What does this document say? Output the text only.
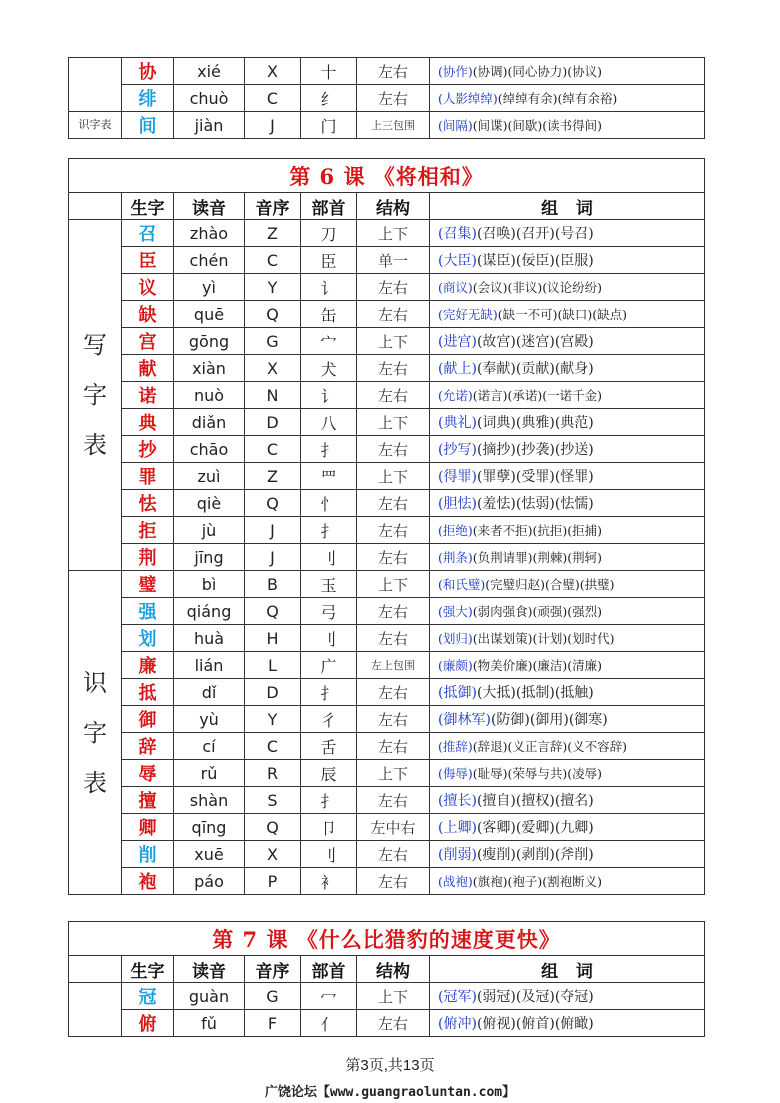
	协	xié	X	十	左右	(协作)(协调)(同心协力)(协议)
	绯	chuò	C	纟	左右	(人影绰绰)(绰绰有余)(绰有余裕)
识字表	间	jiàn	J	门	上三包围	(间隔)(间谍)(间歇)(读书得间)
第 6 课 《将相和》						
	生字	读音	音序	部首	结构	组   词

写
字
表	召	zhào	Z	刀	上下	(召集)(召唤)(召开)(号召)
	臣	chén	C	臣	单一	(大臣)(谋臣)(佞臣)(臣服)
	议	yì	Y	讠	左右	(商议)(会议)(非议)(议论纷纷)
	缺	quē	Q	缶	左右	(完好无缺)(缺一不可)(缺口)(缺点)
	宫	gōng	G	宀	上下	(进宫)(故宫)(迷宫)(宫殿)
	献	xiàn	X	犬	左右	(献上)(奉献)(贡献)(献身)
	诺	nuò	N	讠	左右	(允诺)(诺言)(承诺)(一诺千金)
	典	diǎn	D	八	上下	(典礼)(词典)(典雅)(典范)
	抄	chāo	C	扌	左右	(抄写)(摘抄)(抄袭)(抄送)
	罪	zuì	Z	罒	上下	(得罪)(罪孽)(受罪)(怪罪)
	怯	qiè	Q	忄	左右	(胆怯)(羞怯)(怯弱)(怯懦)
	拒	jù	J	扌	左右	(拒绝)(来者不拒)(抗拒)(拒捕)
	荆	jīng	J	刂	左右	(荆条)(负荆请罪)(荆棘)(荆轲)

识
字
表	璧	bì	B	玉	上下	(和氏璧)(完璧归赵)(合璧)(拱璧)
	强	qiáng	Q	弓	左右	(强大)(弱肉强食)(顽强)(强烈)
	划	huà	H	刂	左右	(划归)(出谋划策)(计划)(划时代)
	廉	lián	L	广	左上包围	(廉颇)(物美价廉)(廉洁)(清廉)
	抵	dǐ	D	扌	左右	(抵御)(大抵)(抵制)(抵触)
	御	yù	Y	彳	左右	(御林军)(防御)(御用)(御寒)
	辞	cí	C	舌	左右	(推辞)(辞退)(义正言辞)(义不容辞)
	辱	rǔ	R	辰	上下	(侮辱)(耻辱)(荣辱与共)(凌辱)
	擅	shàn	S	扌	左右	(擅长)(擅自)(擅权)(擅名)
	卿	qīng	Q	卩	左中右	(上卿)(客卿)(爱卿)(九卿)
	削	xuē	X	刂	左右	(削弱)(瘦削)(剥削)(斧削)
	袍	páo	P	衤	左右	(战袍)(旗袍)(袍子)(割袍断义)
第 7 课 《什么比猎豹的速度更快》						
	生字	读音	音序	部首	结构	组   词
	冠	guàn	G	冖	上下	(冠军)(弱冠)(及冠)(夺冠)
	俯	fǔ	F	亻	左右	(俯冲)(俯视)(俯首)(俯瞰)
第3页,共13页
广饶论坛【www.guangraoluntan.com】
